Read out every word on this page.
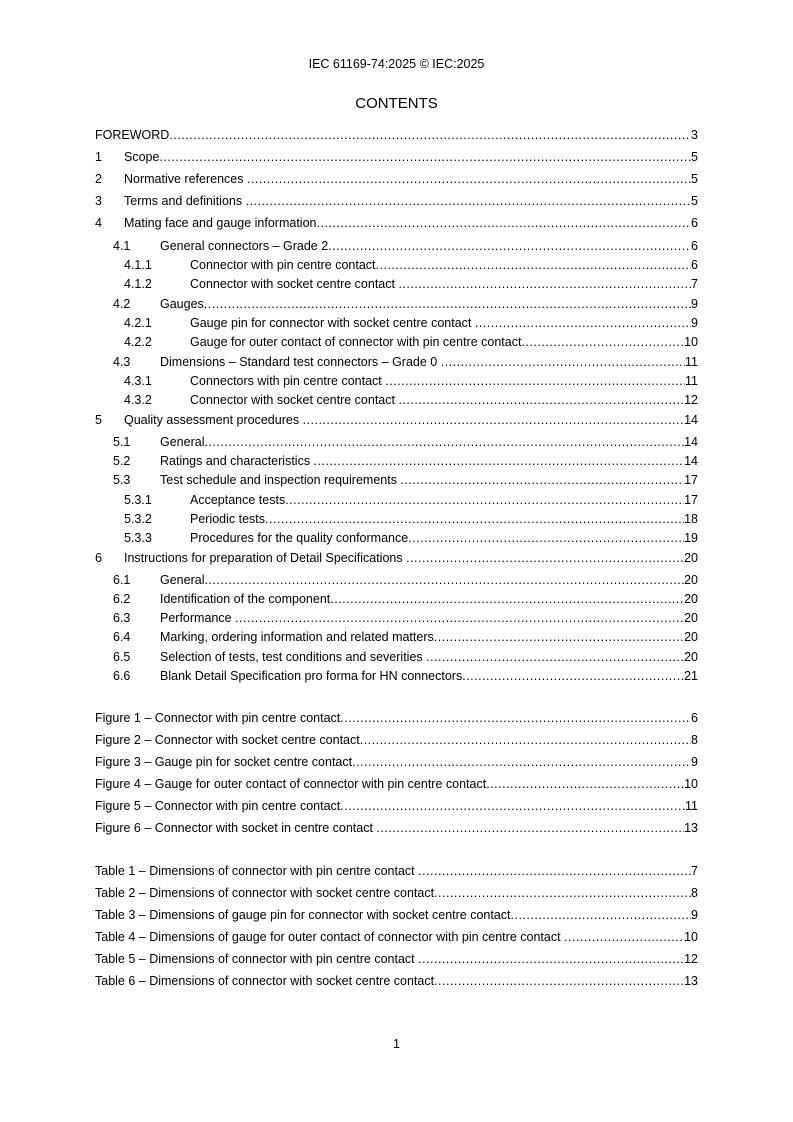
IEC 61169-74:2025 © IEC:2025
CONTENTS
FOREWORD .....	3
1 Scope .....	5
2 Normative references .....	5
3 Terms and definitions .....	5
4 Mating face and gauge information .....	6
4.1 General connectors – Grade 2 .....	6
4.1.1	Connector with pin centre contact .....	6
4.1.2	Connector with socket centre contact .....	7
4.2 Gauges .....	9
4.2.1	Gauge pin for connector with socket centre contact .....	9
4.2.2	Gauge for outer contact of connector with pin centre contact .....	10
4.3 Dimensions – Standard test connectors – Grade 0 .....	11
4.3.1	Connectors with pin centre contact .....	11
4.3.2	Connector with socket centre contact .....	12
5 Quality assessment procedures .....	14
5.1 General .....	14
5.2 Ratings and characteristics .....	14
5.3 Test schedule and inspection requirements .....	17
5.3.1	Acceptance tests .....	17
5.3.2	Periodic tests .....	18
5.3.3	Procedures for the quality conformance .....	19
6 Instructions for preparation of Detail Specifications .....	20
6.1 General .....	20
6.2 Identification of the component .....	20
6.3 Performance .....	20
6.4 Marking, ordering information and related matters .....	20
6.5 Selection of tests, test conditions and severities .....	20
6.6 Blank Detail Specification pro forma for HN connectors .....	21
Figure 1 – Connector with pin centre contact .....	6
Figure 2 – Connector with socket centre contact .....	8
Figure 3 – Gauge pin for socket centre contact .....	9
Figure 4 – Gauge for outer contact of connector with pin centre contact .....	10
Figure 5 – Connector with pin centre contact .....	11
Figure 6 – Connector with socket in centre contact .....	13
Table 1 – Dimensions of connector with pin centre contact .....	7
Table 2 – Dimensions of connector with socket centre contact .....	8
Table 3 – Dimensions of gauge pin for connector with socket centre contact .....	9
Table 4 – Dimensions of gauge for outer contact of connector with pin centre contact .....	10
Table 5 – Dimensions of connector with pin centre contact .....	12
Table 6 – Dimensions of connector with socket centre contact .....	13
1
